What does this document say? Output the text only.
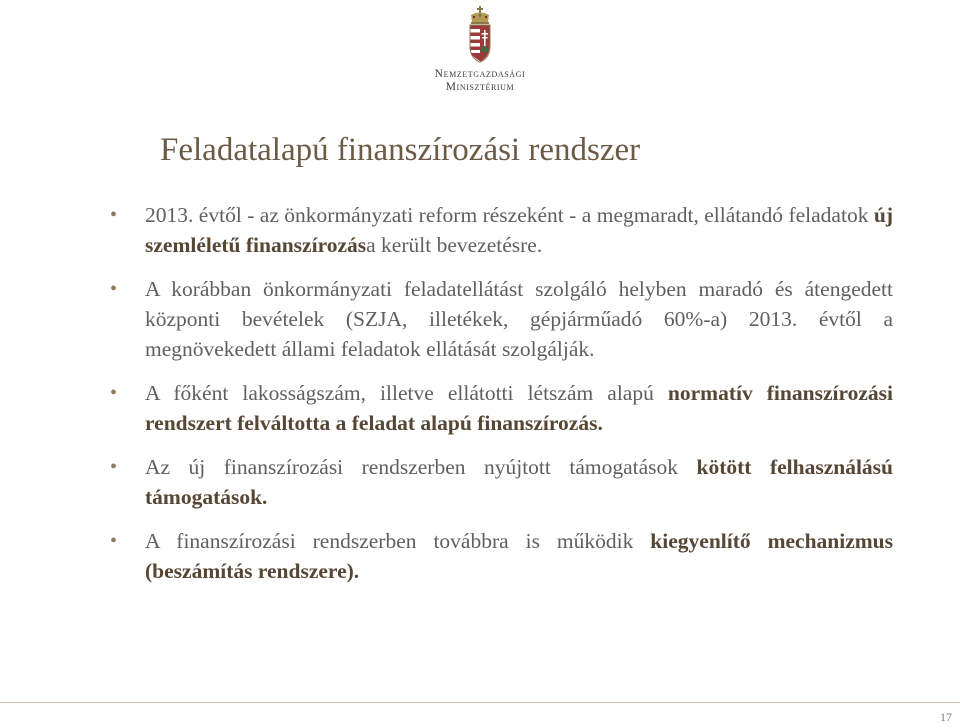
Nemzetgazdasági
Minisztérium
Feladatalapú finanszírozási rendszer
• 2013. évtől - az önkormányzati reform részeként - a megmaradt, ellátandó feladatok új szemléletű finanszírozása került bevezetésre.
• A korábban önkormányzati feladatellátást szolgáló helyben maradó és átengedett központi bevételek (SZJA, illetékek, gépjárműadó 60%-a) 2013. évtől a megnövekedett állami feladatok ellátását szolgálják.
• A főként lakosságszám, illetve ellátotti létszám alapú normatív finanszírozási rendszert felváltotta a feladat alapú finanszírozás.
• Az új finanszírozási rendszerben nyújtott támogatások kötött felhasználású támogatások.
• A finanszírozási rendszerben továbbra is működik kiegyenlítő mechanizmus (beszámítás rendszere).
17
